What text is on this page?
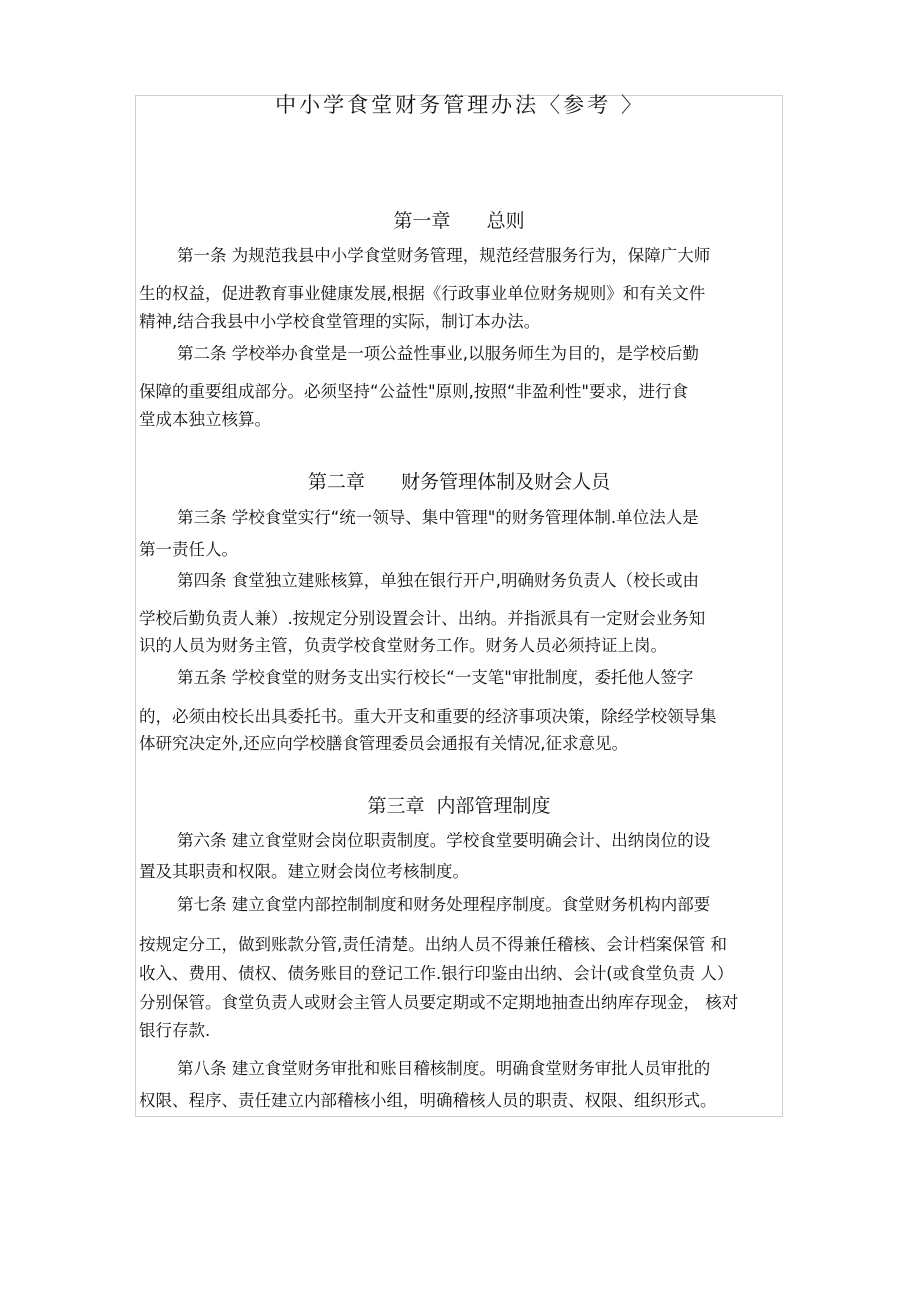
中小学食堂财务管理办法〈参考 〉
第一章      总则
第一条 为规范我县中小学食堂财务管理，规范经营服务行为，保障广大师
生的权益，促进教育事业健康发展,根据《行政事业单位财务规则》和有关文件
精神,结合我县中小学校食堂管理的实际，制订本办法。
第二条 学校举办食堂是一项公益性事业,以服务师生为目的，是学校后勤
保障的重要组成部分。必须坚持“公益性"原则,按照“非盈利性"要求，进行食
堂成本独立核算。
第二章      财务管理体制及财会人员
第三条 学校食堂实行“统一领导、集中管理"的财务管理体制.单位法人是
第一责任人。
第四条 食堂独立建账核算，单独在银行开户,明确财务负责人（校长或由
学校后勤负责人兼）.按规定分别设置会计、出纳。并指派具有一定财会业务知
识的人员为财务主管，负责学校食堂财务工作。财务人员必须持证上岗。
第五条 学校食堂的财务支出实行校长“一支笔"审批制度，委托他人签字
的，必须由校长出具委托书。重大开支和重要的经济事项决策，除经学校领导集
体研究决定外,还应向学校膳食管理委员会通报有关情况,征求意见。
第三章  内部管理制度
第六条 建立食堂财会岗位职责制度。学校食堂要明确会计、出纳岗位的设
置及其职责和权限。建立财会岗位考核制度。
第七条 建立食堂内部控制制度和财务处理程序制度。食堂财务机构内部要
按规定分工，做到账款分管,责任清楚。出纳人员不得兼任稽核、会计档案保管 和
收入、费用、债权、债务账目的登记工作.银行印鉴由出纳、会计(或食堂负责 人）
分别保管。食堂负责人或财会主管人员要定期或不定期地抽查出纳库存现金， 核对
银行存款.
第八条 建立食堂财务审批和账目稽核制度。明确食堂财务审批人员审批的
权限、程序、责任建立内部稽核小组，明确稽核人员的职责、权限、组织形式。
